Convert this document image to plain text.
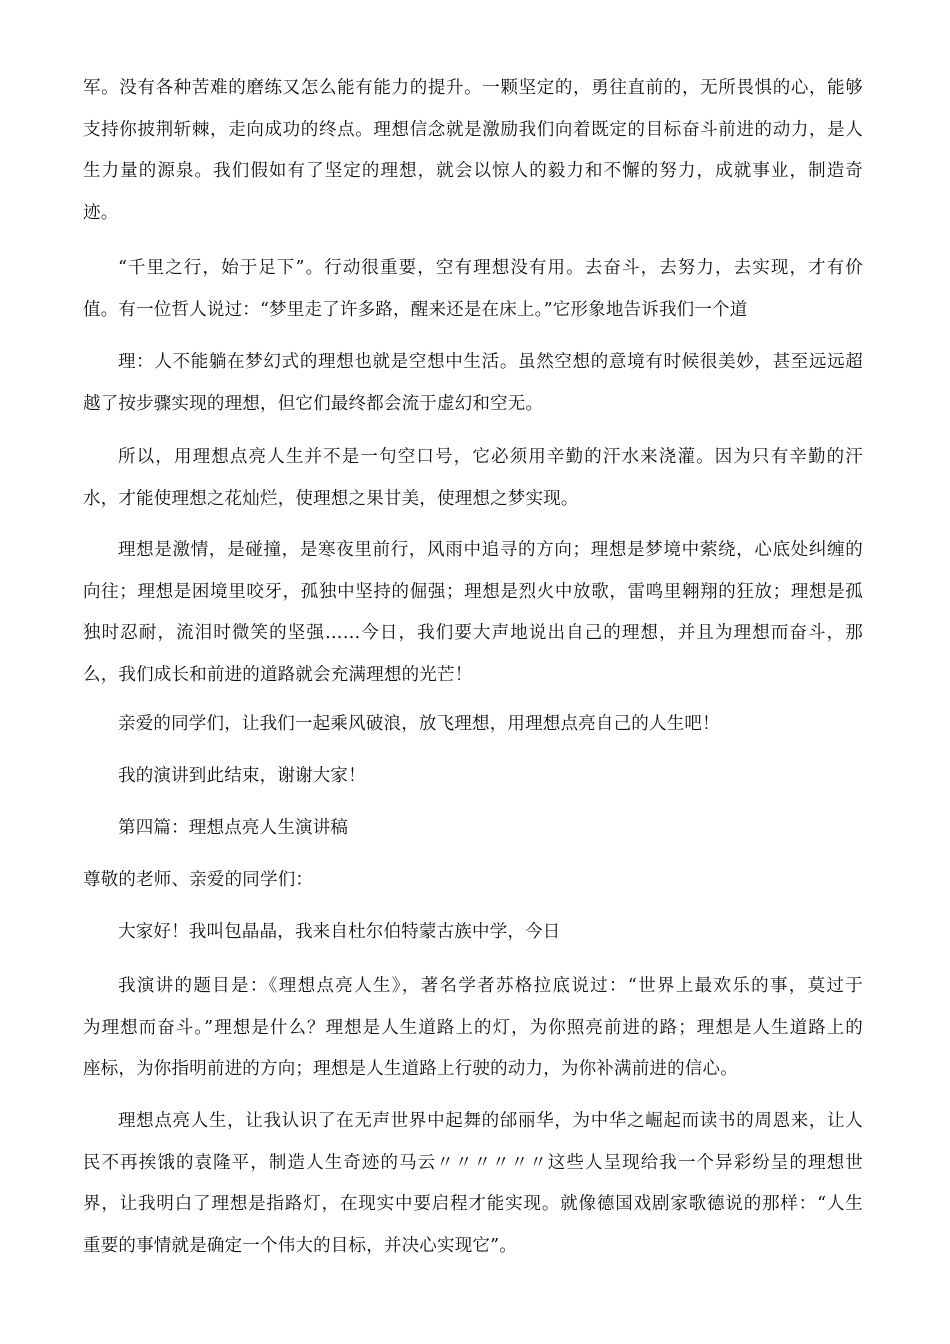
军。没有各种苦难的磨练又怎么能有能力的提升。一颗坚定的，勇往直前的，无所畏惧的心，能够
支持你披荆斩棘，走向成功的终点。理想信念就是激励我们向着既定的目标奋斗前进的动力，是人
生力量的源泉。我们假如有了坚定的理想，就会以惊人的毅力和不懈的努力，成就事业，制造奇
迹。
“千里之行，始于足下”。行动很重要，空有理想没有用。去奋斗，去努力，去实现，才有价
值。有一位哲人说过：“梦里走了许多路，醒来还是在床上。”它形象地告诉我们一个道
理：人不能躺在梦幻式的理想也就是空想中生活。虽然空想的意境有时候很美妙，甚至远远超
越了按步骤实现的理想，但它们最终都会流于虚幻和空无。
所以，用理想点亮人生并不是一句空口号，它必须用辛勤的汗水来浇灌。因为只有辛勤的汗
水，才能使理想之花灿烂，使理想之果甘美，使理想之梦实现。
理想是激情，是碰撞，是寒夜里前行，风雨中追寻的方向；理想是梦境中萦绕，心底处纠缠的
向往；理想是困境里咬牙，孤独中坚持的倔强；理想是烈火中放歌，雷鸣里翱翔的狂放；理想是孤
独时忍耐，流泪时微笑的坚强……今日，我们要大声地说出自己的理想，并且为理想而奋斗，那
么，我们成长和前进的道路就会充满理想的光芒！
亲爱的同学们，让我们一起乘风破浪，放飞理想，用理想点亮自己的人生吧！
我的演讲到此结束，谢谢大家！
第四篇：理想点亮人生演讲稿
尊敬的老师、亲爱的同学们：
大家好！我叫包晶晶，我来自杜尔伯特蒙古族中学，今日
我演讲的题目是：《理想点亮人生》，著名学者苏格拉底说过：“世界上最欢乐的事，莫过于
为理想而奋斗。”理想是什么？理想是人生道路上的灯，为你照亮前进的路；理想是人生道路上的
座标，为你指明前进的方向；理想是人生道路上行驶的动力，为你补满前进的信心。
理想点亮人生，让我认识了在无声世界中起舞的邰丽华，为中华之崛起而读书的周恩来，让人
民不再挨饿的袁隆平，制造人生奇迹的马云〃〃〃〃〃〃这些人呈现给我一个异彩纷呈的理想世
界，让我明白了理想是指路灯，在现实中要启程才能实现。就像德国戏剧家歌德说的那样：“人生
重要的事情就是确定一个伟大的目标，并决心实现它”。
